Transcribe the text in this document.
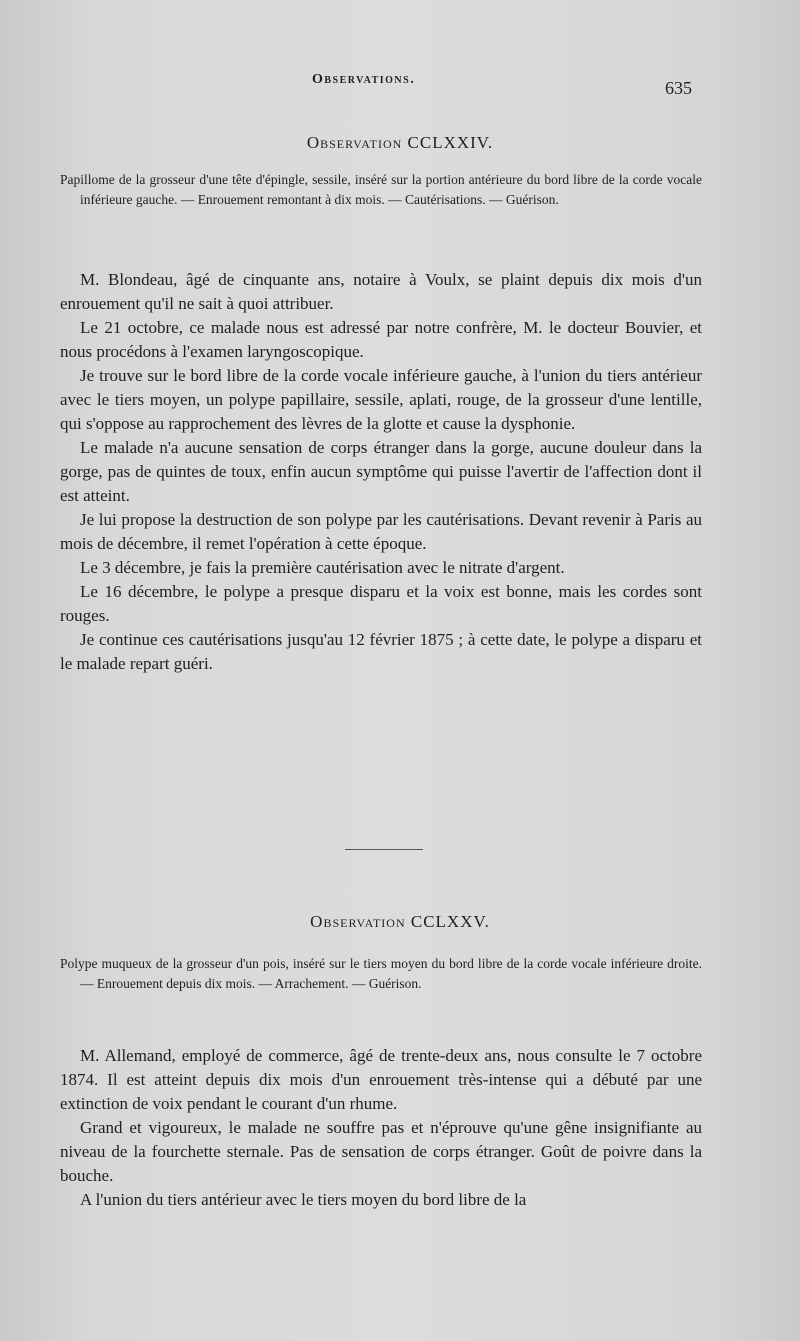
Observations.	635
Observation CCLXXIV.
Papillome de la grosseur d'une tête d'épingle, sessile, inséré sur la portion antérieure du bord libre de la corde vocale inférieure gauche. — Enrouement remontant à dix mois. — Cautérisations. — Guérison.

M. Blondeau, âgé de cinquante ans, notaire à Voulx, se plaint depuis dix mois d'un enrouement qu'il ne sait à quoi attribuer.

Le 21 octobre, ce malade nous est adressé par notre confrère, M. le docteur Bouvier, et nous procédons à l'examen laryngoscopique.

Je trouve sur le bord libre de la corde vocale inférieure gauche, à l'union du tiers antérieur avec le tiers moyen, un polype papillaire, sessile, aplati, rouge, de la grosseur d'une lentille, qui s'oppose au rapprochement des lèvres de la glotte et cause la dysphonie.

Le malade n'a aucune sensation de corps étranger dans la gorge, aucune douleur dans la gorge, pas de quintes de toux, enfin aucun symptôme qui puisse l'avertir de l'affection dont il est atteint.

Je lui propose la destruction de son polype par les cautérisations. Devant revenir à Paris au mois de décembre, il remet l'opération à cette époque.

Le 3 décembre, je fais la première cautérisation avec le nitrate d'argent.

Le 16 décembre, le polype a presque disparu et la voix est bonne, mais les cordes sont rouges.

Je continue ces cautérisations jusqu'au 12 février 1875 ; à cette date, le polype a disparu et le malade repart guéri.

Observation CCLXXV.
Polype muqueux de la grosseur d'un pois, inséré sur le tiers moyen du bord libre de la corde vocale inférieure droite. — Enrouement depuis dix mois. — Arrachement. — Guérison.

M. Allemand, employé de commerce, âgé de trente-deux ans, nous consulte le 7 octobre 1874. Il est atteint depuis dix mois d'un enrouement très-intense qui a débuté par une extinction de voix pendant le courant d'un rhume.

Grand et vigoureux, le malade ne souffre pas et n'éprouve qu'une gêne insignifiante au niveau de la fourchette sternale. Pas de sensation de corps étranger. Goût de poivre dans la bouche.

A l'union du tiers antérieur avec le tiers moyen du bord libre de la
